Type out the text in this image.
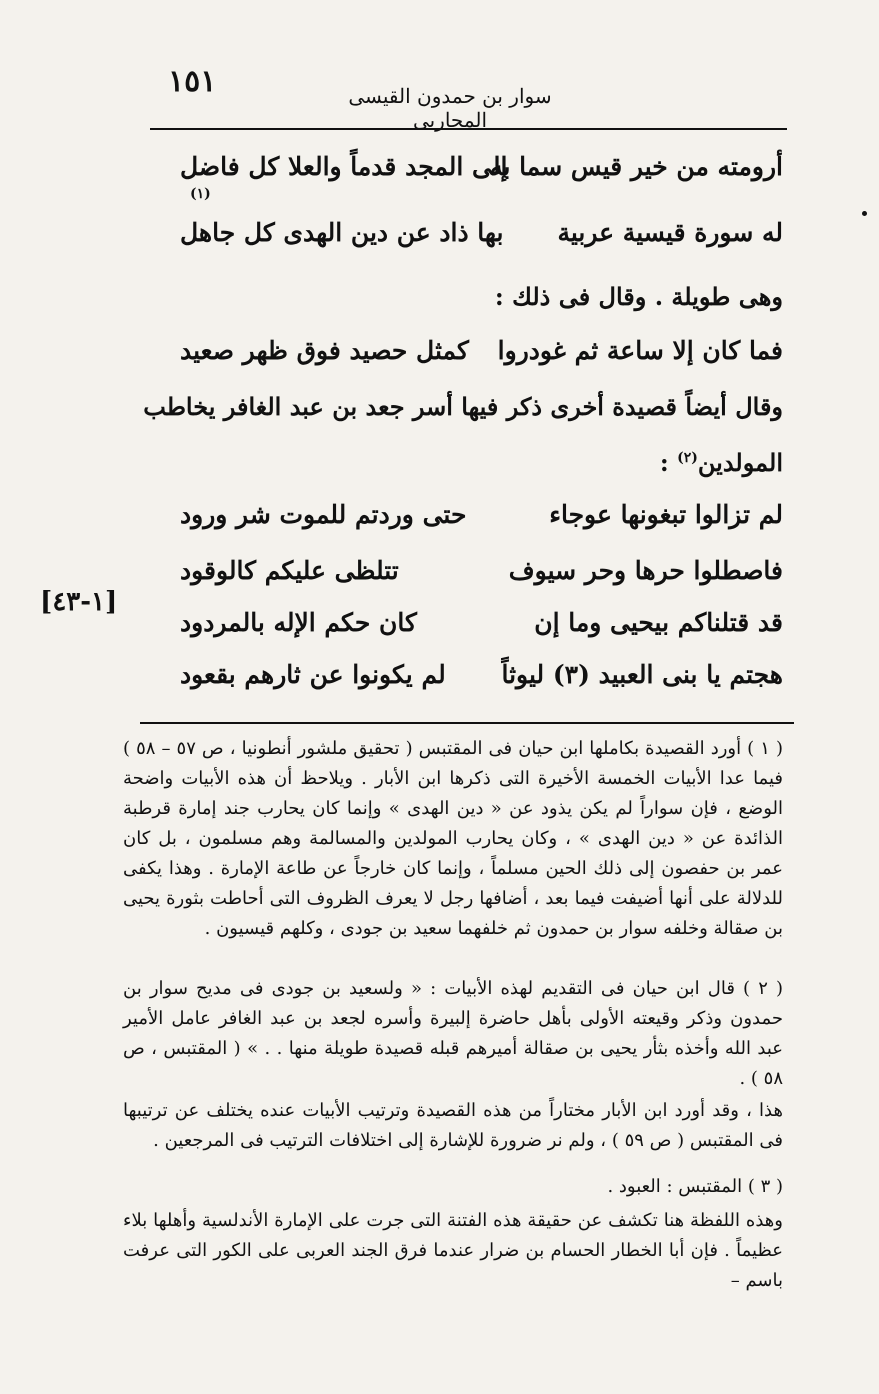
١٥١	سوار بن حمدون القيسى المحاربى
أرومته من خير قيس سما به
إلى المجد قدماً والعلا كل فاضل
(١)
له سورة قيسية عربية
بها ذاد عن دين الهدى كل جاهل
وهى طويلة . وقال فى ذلك :
فما كان إلا ساعة ثم غودروا
كمثل حصيد فوق ظهر صعيد
وقال أيضاً قصيدة أخرى ذكر فيها أسر جعد بن عبد الغافر يخاطب
المولدين$^{(٢)}$ :
لم تزالوا تبغونها عوجاء
حتى وردتم للموت شر ورود
فاصطلوا حرها وحر سيوف
تتلظى عليكم كالوقود
قد قتلناكم بيحيى وما إن
كان حكم الإله بالمردود
هجتم يا بنى العبيد (٣) ليوثاً
لم يكونوا عن ثارهم بقعود
[١-٤٣]
( ١ ) أورد القصيدة بكاملها ابن حيان فى المقتبس ( تحقيق ملشور أنطونيا ، ص ٥٧ – ٥٨ ) فيما عدا الأبيات الخمسة الأخيرة التى ذكرها ابن الأبار . ويلاحظ أن هذه الأبيات واضحة الوضع ، فإن سواراً لم يكن يذود عن « دين الهدى » وإنما كان يحارب جند إمارة قرطبة الذائدة عن « دين الهدى » ، وكان يحارب المولدين والمسالمة وهم مسلمون ، بل كان عمر بن حفصون إلى ذلك الحين مسلماً ، وإنما كان خارجاً عن طاعة الإمارة . وهذا يكفى للدلالة على أنها أضيفت فيما بعد ، أضافها رجل لا يعرف الظروف التى أحاطت بثورة يحيى بن صقالة وخلفه سوار بن حمدون ثم خلفهما سعيد بن جودى ، وكلهم قيسيون .
( ٢ ) قال ابن حيان فى التقديم لهذه الأبيات : « ولسعيد بن جودى فى مديح سوار بن حمدون وذكر وقيعته الأولى بأهل حاضرة إلبيرة وأسره لجعد بن عبد الغافر عامل الأمير عبد الله وأخذه بثأر يحيى بن صقالة أميرهم قبله قصيدة طويلة منها . . » ( المقتبس ، ص ٥٨ ) .
هذا ، وقد أورد ابن الأبار مختاراً من هذه القصيدة وترتيب الأبيات عنده يختلف عن ترتيبها فى المقتبس ( ص ٥٩ ) ، ولم نر ضرورة للإشارة إلى اختلافات الترتيب فى المرجعين .
( ٣ ) المقتبس : العبود .
وهذه اللفظة هنا تكشف عن حقيقة هذه الفتنة التى جرت على الإمارة الأندلسية وأهلها بلاء عظيماً . فإن أبا الخطار الحسام بن ضرار عندما فرق الجند العربى على الكور التى عرفت باسم –
